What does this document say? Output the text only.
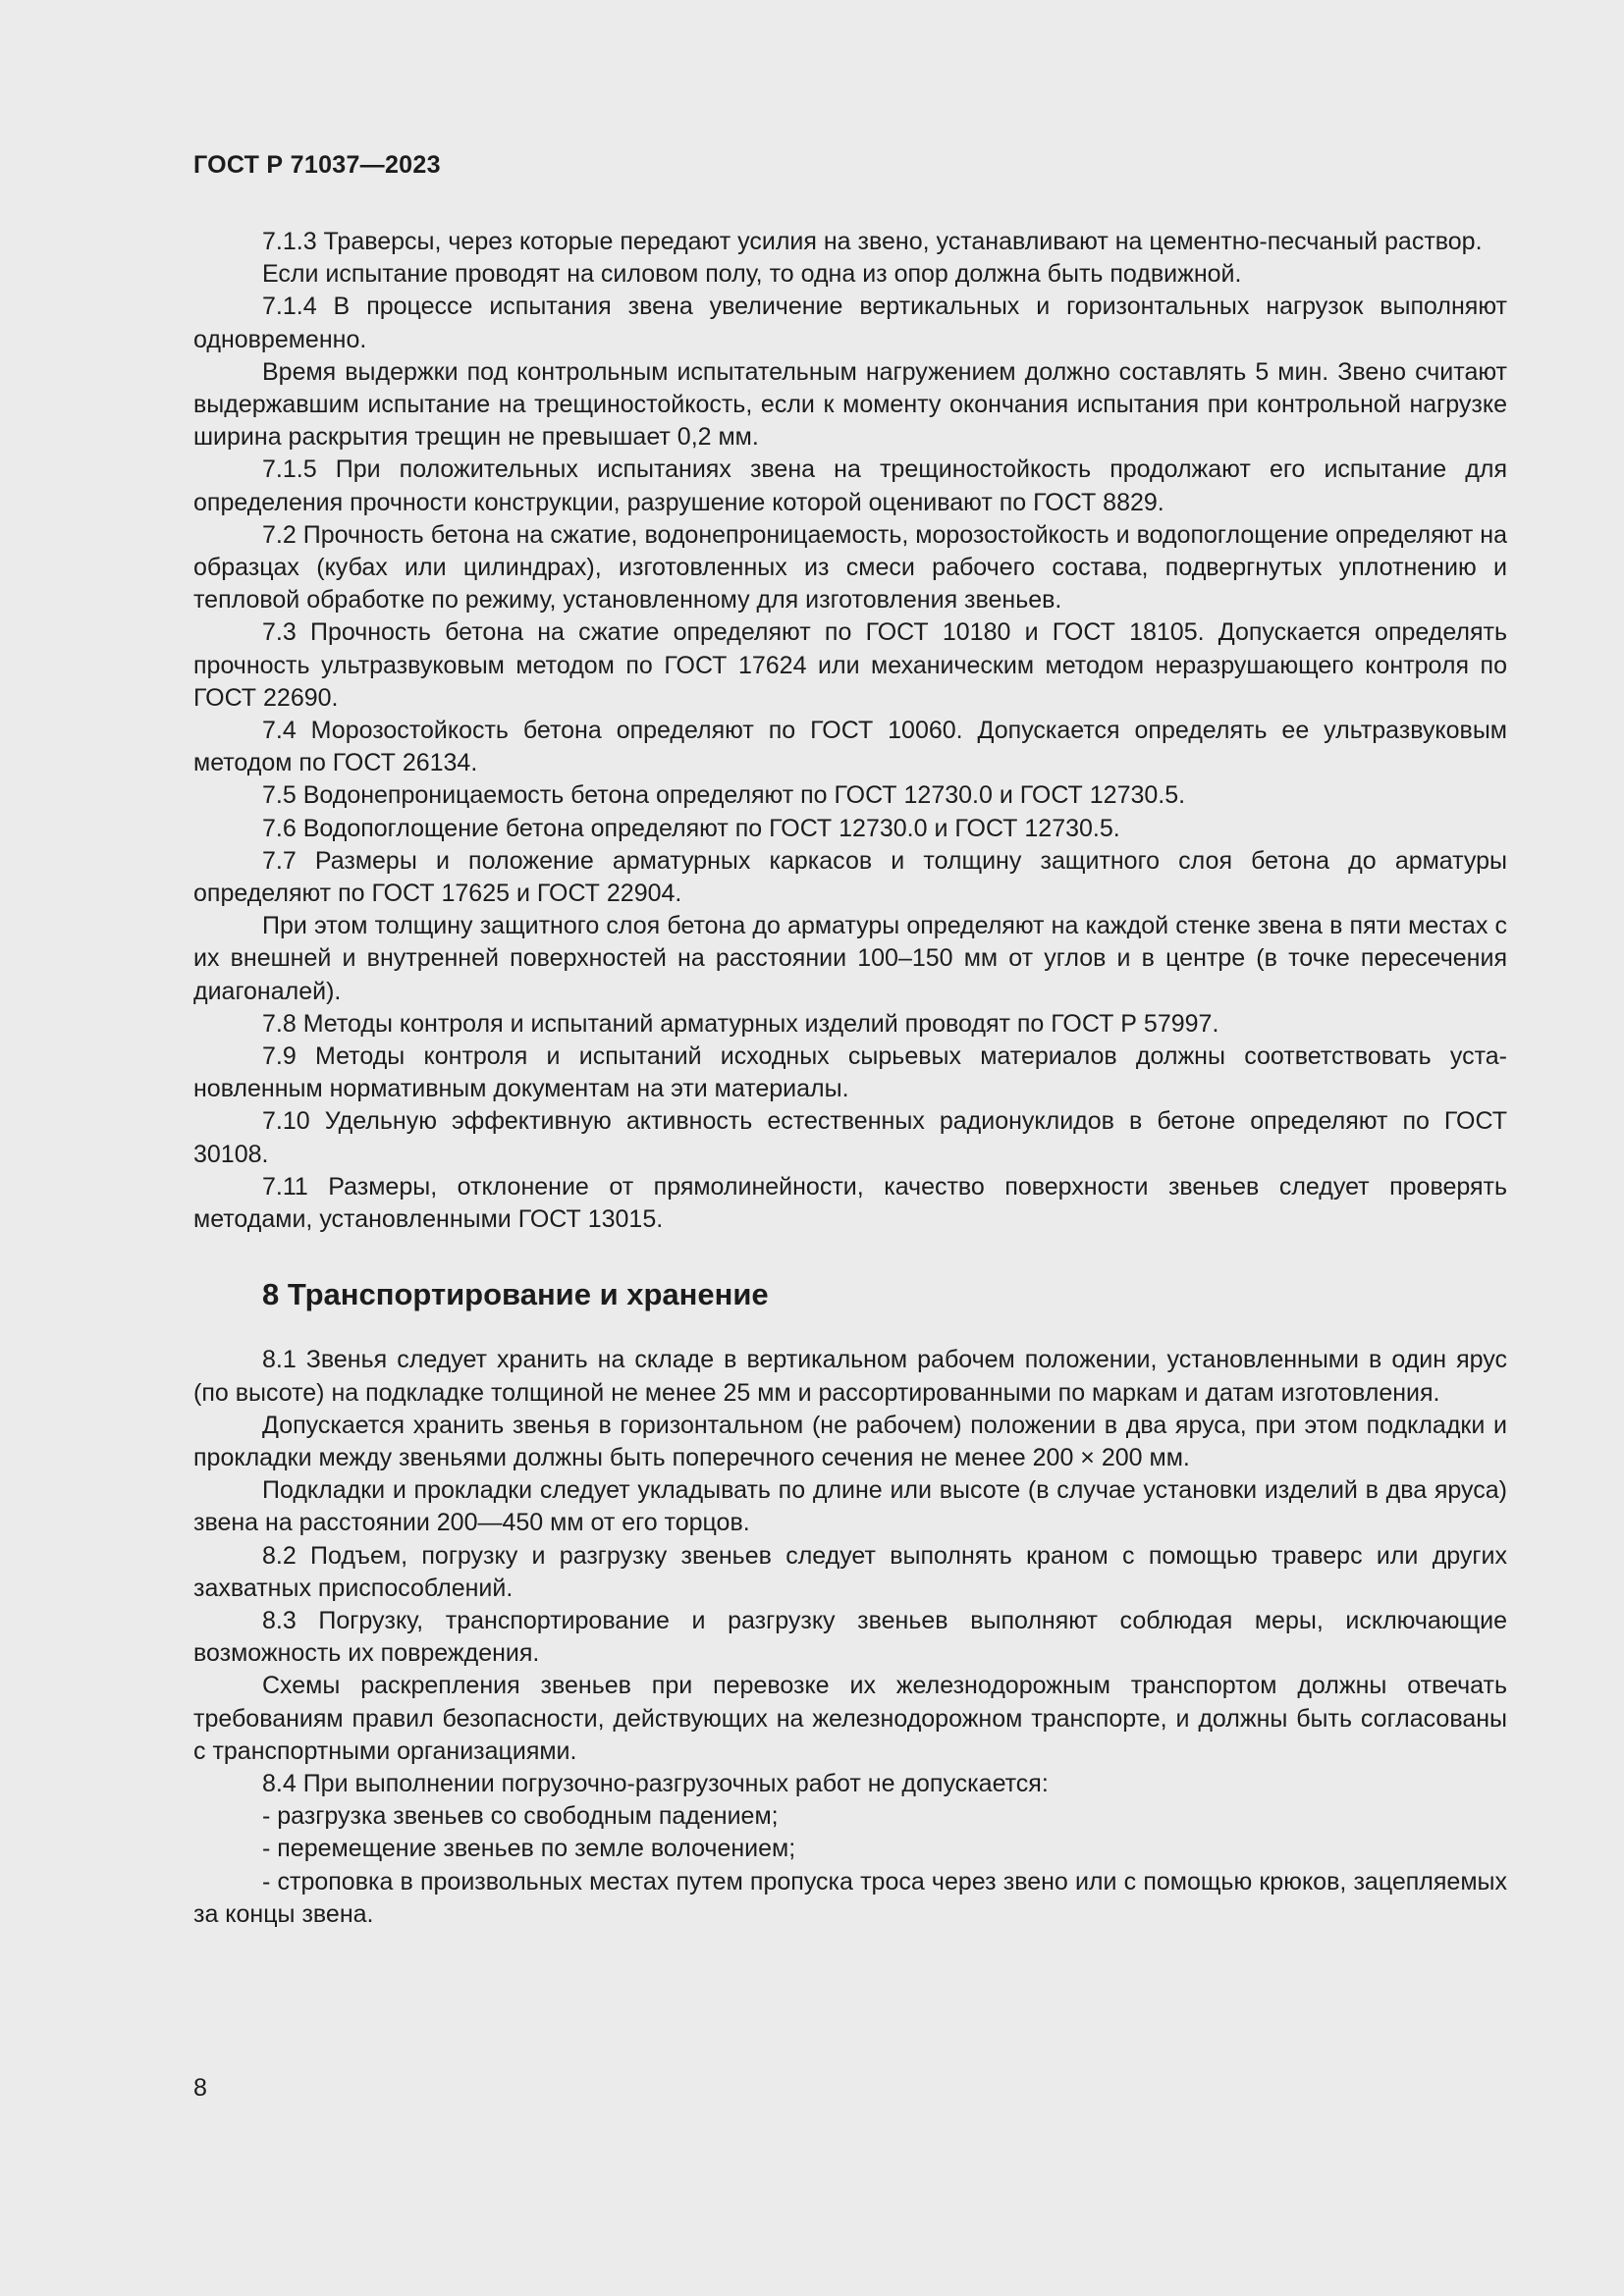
ГОСТ Р 71037—2023

7.1.3 Траверсы, через которые передают усилия на звено, устанавливают на цементно-песчаный раствор.

Если испытание проводят на силовом полу, то одна из опор должна быть подвижной.

7.1.4 В процессе испытания звена увеличение вертикальных и горизонтальных нагрузок выполняют одновременно.

Время выдержки под контрольным испытательным нагружением должно составлять 5 мин. Звено считают выдержавшим испытание на трещиностойкость, если к моменту окончания испытания при контрольной нагрузке ширина раскрытия трещин не превышает 0,2 мм.

7.1.5 При положительных испытаниях звена на трещиностойкость продолжают его испытание для определения прочности конструкции, разрушение которой оценивают по ГОСТ 8829.

7.2 Прочность бетона на сжатие, водонепроницаемость, морозостойкость и водопоглощение определяют на образцах (кубах или цилиндрах), изготовленных из смеси рабочего состава, подвергнутых уплотнению и тепловой обработке по режиму, установленному для изготовления звеньев.

7.3 Прочность бетона на сжатие определяют по ГОСТ 10180 и ГОСТ 18105. Допускается определять прочность ультразвуковым методом по ГОСТ 17624 или механическим методом неразрушающего контроля по ГОСТ 22690.

7.4 Морозостойкость бетона определяют по ГОСТ 10060. Допускается определять ее ультразвуковым методом по ГОСТ 26134.

7.5 Водонепроницаемость бетона определяют по ГОСТ 12730.0 и ГОСТ 12730.5.

7.6 Водопоглощение бетона определяют по ГОСТ 12730.0 и ГОСТ 12730.5.

7.7 Размеры и положение арматурных каркасов и толщину защитного слоя бетона до арматуры определяют по ГОСТ 17625 и ГОСТ 22904.

При этом толщину защитного слоя бетона до арматуры определяют на каждой стенке звена в пяти местах с их внешней и внутренней поверхностей на расстоянии 100–150 мм от углов и в центре (в точке пересечения диагоналей).

7.8 Методы контроля и испытаний арматурных изделий проводят по ГОСТ Р 57997.

7.9 Методы контроля и испытаний исходных сырьевых материалов должны соответствовать установленным нормативным документам на эти материалы.

7.10 Удельную эффективную активность естественных радионуклидов в бетоне определяют по ГОСТ 30108.

7.11 Размеры, отклонение от прямолинейности, качество поверхности звеньев следует проверять методами, установленными ГОСТ 13015.

8 Транспортирование и хранение

8.1 Звенья следует хранить на складе в вертикальном рабочем положении, установленными в один ярус (по высоте) на подкладке толщиной не менее 25 мм и рассортированными по маркам и датам изготовления.

Допускается хранить звенья в горизонтальном (не рабочем) положении в два яруса, при этом подкладки и прокладки между звеньями должны быть поперечного сечения не менее 200 × 200 мм.

Подкладки и прокладки следует укладывать по длине или высоте (в случае установки изделий в два яруса) звена на расстоянии 200—450 мм от его торцов.

8.2 Подъем, погрузку и разгрузку звеньев следует выполнять краном с помощью траверс или других захватных приспособлений.

8.3 Погрузку, транспортирование и разгрузку звеньев выполняют соблюдая меры, исключающие возможность их повреждения.

Схемы раскрепления звеньев при перевозке их железнодорожным транспортом должны отвечать требованиям правил безопасности, действующих на железнодорожном транспорте, и должны быть согласованы с транспортными организациями.

8.4 При выполнении погрузочно-разгрузочных работ не допускается:

- разгрузка звеньев со свободным падением;

- перемещение звеньев по земле волочением;

- строповка в произвольных местах путем пропуска троса через звено или с помощью крюков, зацепляемых за концы звена.

8
